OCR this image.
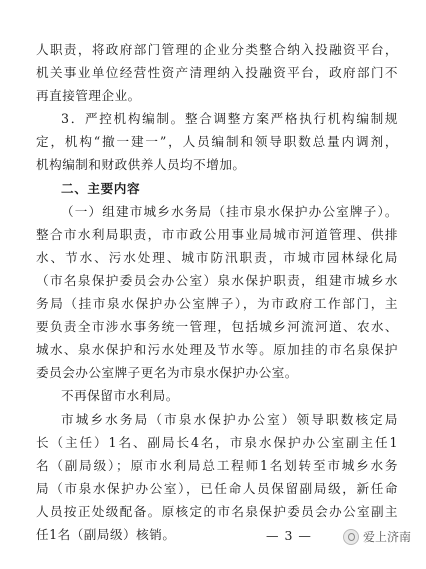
人职责，将政府部门管理的企业分类整合纳入投融资平台，
机关事业单位经营性资产清理纳入投融资平台，政府部门不
再直接管理企业。
3．严控机构编制。整合调整方案严格执行机构编制规
定，机构“撤一建一”，人员编制和领导职数总量内调剂，
机构编制和财政供养人员均不增加。
二、主要内容
（一）组建市城乡水务局（挂市泉水保护办公室牌子）。
整合市水利局职责，市市政公用事业局城市河道管理、供排
水、节水、污水处理、城市防汛职责，市城市园林绿化局
（市名泉保护委员会办公室）泉水保护职责，组建市城乡水
务局（挂市泉水保护办公室牌子），为市政府工作部门，主
要负责全市涉水事务统一管理，包括城乡河流河道、农水、
城水、泉水保护和污水处理及节水等。原加挂的市名泉保护
委员会办公室牌子更名为市泉水保护办公室。
不再保留市水利局。
市城乡水务局（市泉水保护办公室）领导职数核定局
长（主任）1名、副局长4名，市泉水保护办公室副主任1
名（副局级）；原市水利局总工程师1名划转至市城乡水务
局（市泉水保护办公室），已任命人员保留副局级，新任命
人员按正处级配备。原核定的市名泉保护委员会办公室副主
任1名（副局级）核销。	— 3 —	爱上济南
